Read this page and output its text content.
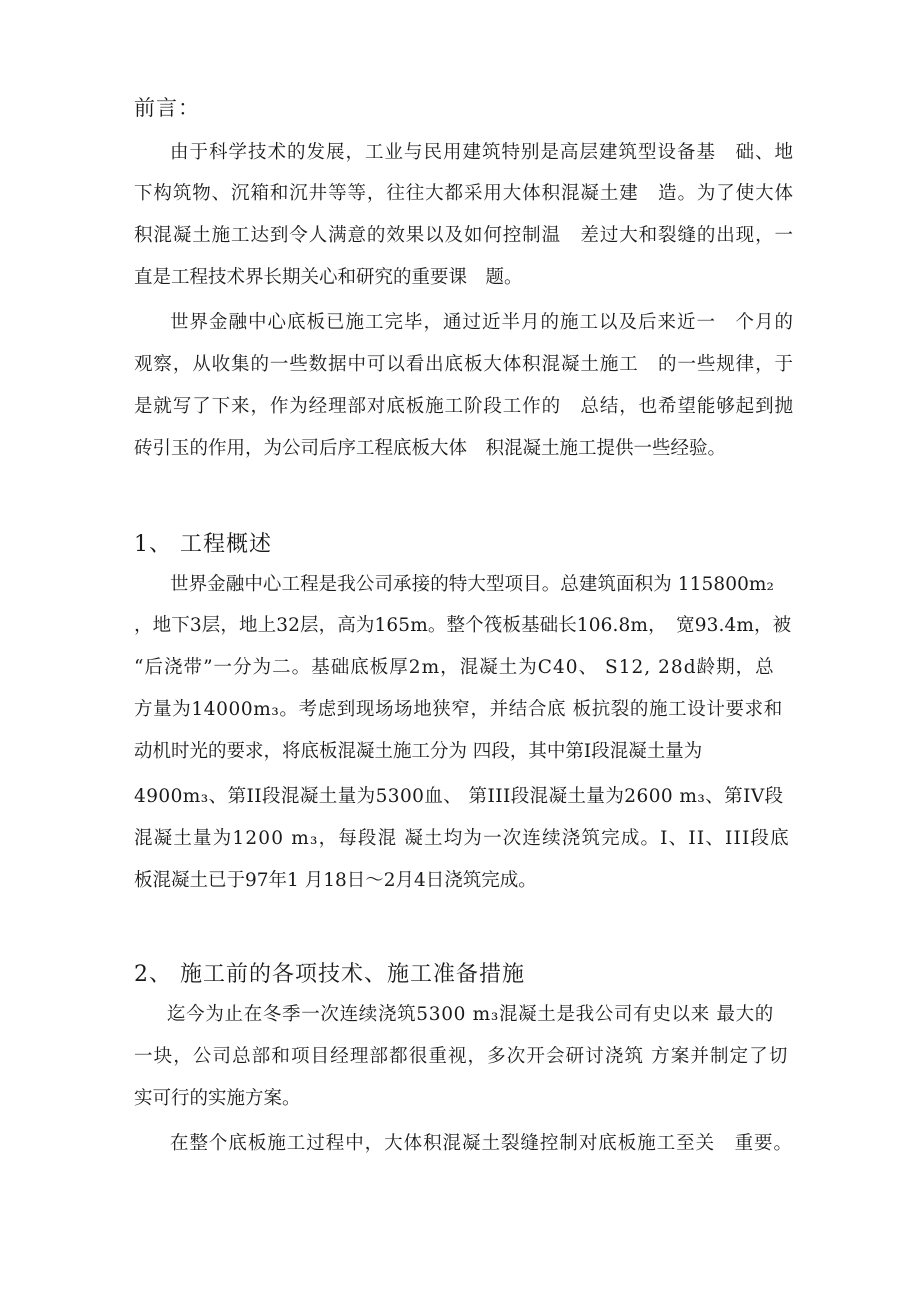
前言：
由于科学技术的发展，工业与民用建筑特别是高层建筑型设备基　础、地
下构筑物、沉箱和沉井等等，往往大都采用大体积混凝土建　造。为了使大体
积混凝土施工达到令人满意的效果以及如何控制温　差过大和裂缝的出现，一
直是工程技术界长期关心和研究的重要课　题。
世界金融中心底板已施工完毕，通过近半月的施工以及后来近一　个月的
观察，从收集的一些数据中可以看出底板大体积混凝土施工　的一些规律，于
是就写了下来，作为经理部对底板施工阶段工作的　总结，也希望能够起到抛
砖引玉的作用，为公司后序工程底板大体　积混凝土施工提供一些经验。
1、 工程概述
世界金融中心工程是我公司承接的特大型项目。总建筑面积为 115800m₂
，地下3层，地上32层，高为165m。整个筏板基础长106.8m，　宽93.4m，被
“后浇带”一分为二。基础底板厚2m，混凝土为C40、 S12, 28d龄期，总
方量为14000m₃。考虑到现场场地狭窄，并结合底 板抗裂的施工设计要求和
动机时光的要求，将底板混凝土施工分为 四段，其中第I段混凝土量为
4900m₃、第II段混凝土量为5300血、 第III段混凝土量为2600 m₃、第IV段
混凝土量为1200 m₃，每段混 凝土均为一次连续浇筑完成。I、II、III段底
板混凝土已于97年1 月18日〜2月4日浇筑完成。
2、 施工前的各项技术、施工准备措施
迄今为止在冬季一次连续浇筑5300 m₃混凝土是我公司有史以来 最大的
一块，公司总部和项目经理部都很重视，多次开会研讨浇筑 方案并制定了切
实可行的实施方案。
在整个底板施工过程中，大体积混凝土裂缝控制对底板施工至关　重要。
